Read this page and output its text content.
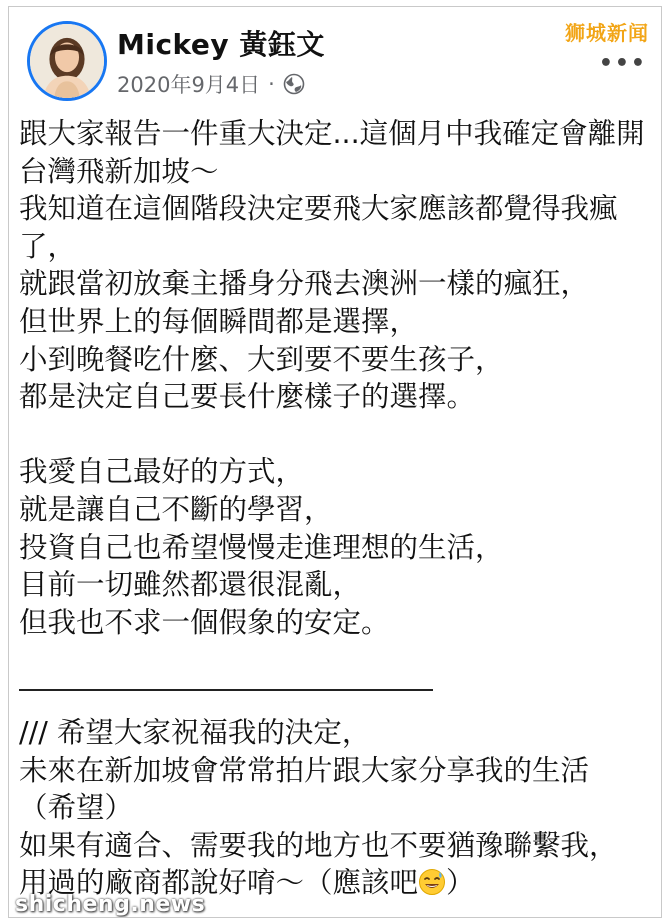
Mickey 黃鈺文
2020年9月4日 ·
狮城新闻
•••

跟大家報告一件重大決定...這個月中我確定會離開

台灣飛新加坡～

我知道在這個階段決定要飛大家應該都覺得我瘋

了，

就跟當初放棄主播身分飛去澳洲一樣的瘋狂，

但世界上的每個瞬間都是選擇，

小到晚餐吃什麼、大到要不要生孩子，

都是決定自己要長什麼樣子的選擇。

我愛自己最好的方式，

就是讓自己不斷的學習，

投資自己也希望慢慢走進理想的生活，

目前一切雖然都還很混亂，

但我也不求一個假象的安定。

/// 希望大家祝福我的決定，

未來在新加坡會常常拍片跟大家分享我的生活

（希望）

如果有適合、需要我的地方也不要猶豫聯繫我，

用過的廠商都說好唷～（應該吧 ）

shicheng.news
